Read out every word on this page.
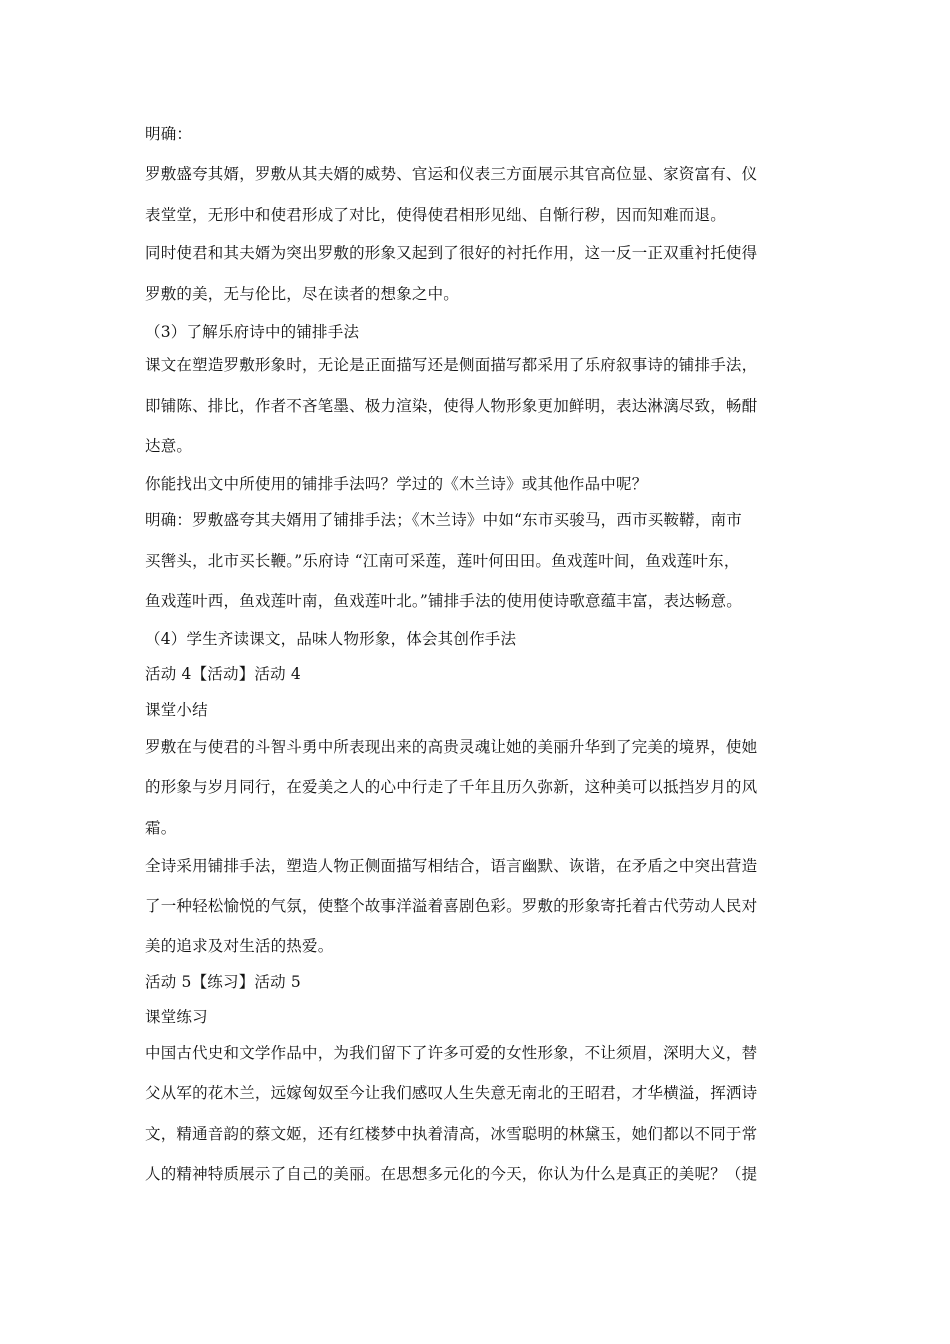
明确：
罗敷盛夸其婿，罗敷从其夫婿的威势、官运和仪表三方面展示其官高位显、家资富有、仪
表堂堂，无形中和使君形成了对比，使得使君相形见绌、自惭行秽，因而知难而退。
同时使君和其夫婿为突出罗敷的形象又起到了很好的衬托作用，这一反一正双重衬托使得
罗敷的美，无与伦比，尽在读者的想象之中。
（3）了解乐府诗中的铺排手法
课文在塑造罗敷形象时，无论是正面描写还是侧面描写都采用了乐府叙事诗的铺排手法，
即铺陈、排比，作者不吝笔墨、极力渲染，使得人物形象更加鲜明，表达淋漓尽致，畅酣
达意。
你能找出文中所使用的铺排手法吗？学过的《木兰诗》或其他作品中呢？
明确：罗敷盛夸其夫婿用了铺排手法；《木兰诗》中如“东市买骏马，西市买鞍鞯，南市
买辔头，北市买长鞭。”乐府诗 “江南可采莲，莲叶何田田。鱼戏莲叶间，鱼戏莲叶东，
鱼戏莲叶西，鱼戏莲叶南，鱼戏莲叶北。”铺排手法的使用使诗歌意蕴丰富，表达畅意。
（4）学生齐读课文，品味人物形象，体会其创作手法
活动 4【活动】活动 4
课堂小结
罗敷在与使君的斗智斗勇中所表现出来的高贵灵魂让她的美丽升华到了完美的境界，使她
的形象与岁月同行，在爱美之人的心中行走了千年且历久弥新，这种美可以抵挡岁月的风
霜。
全诗采用铺排手法，塑造人物正侧面描写相结合，语言幽默、诙谐，在矛盾之中突出营造
了一种轻松愉悦的气氛，使整个故事洋溢着喜剧色彩。罗敷的形象寄托着古代劳动人民对
美的追求及对生活的热爱。
活动 5【练习】活动 5
课堂练习
中国古代史和文学作品中，为我们留下了许多可爱的女性形象，不让须眉，深明大义，替
父从军的花木兰，远嫁匈奴至今让我们感叹人生失意无南北的王昭君，才华横溢，挥洒诗
文，精通音韵的蔡文姬，还有红楼梦中执着清高，冰雪聪明的林黛玉，她们都以不同于常
人的精神特质展示了自己的美丽。在思想多元化的今天，你认为什么是真正的美呢？（提
